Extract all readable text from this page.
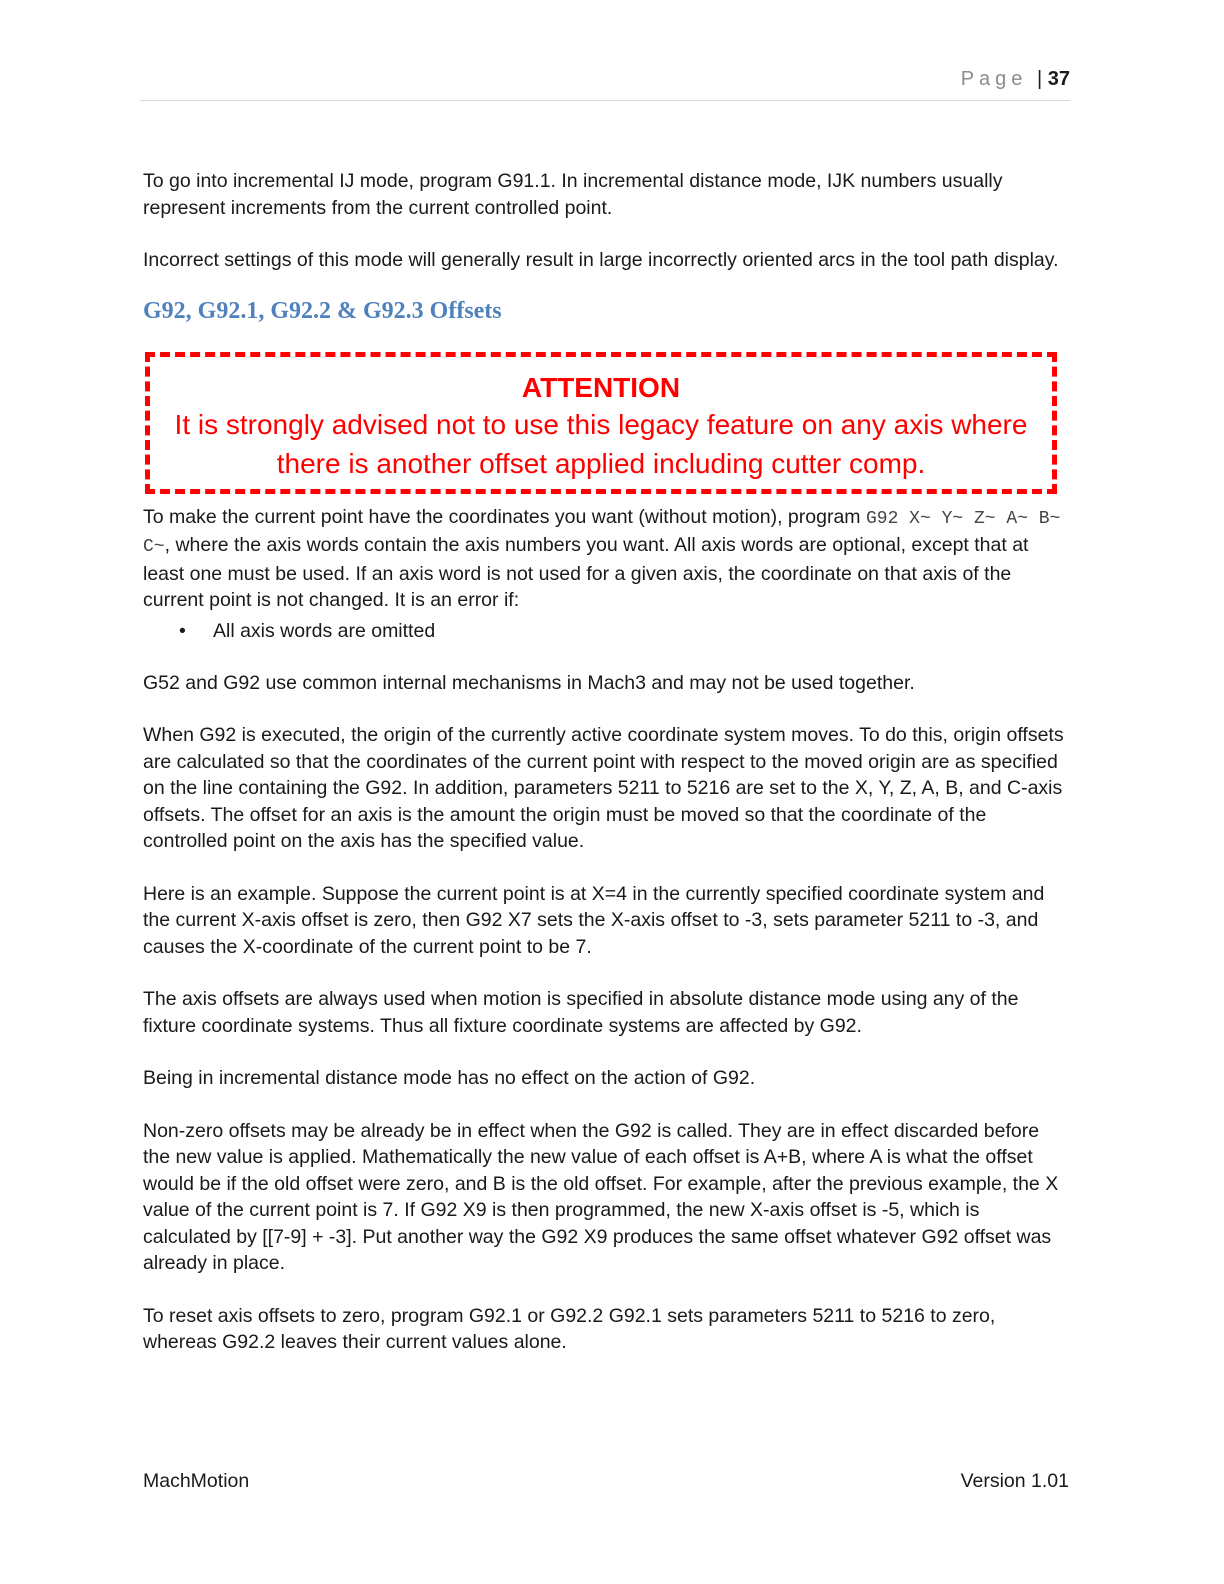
Page | 37

To go into incremental IJ mode, program G91.1. In incremental distance mode, IJK numbers usually represent increments from the current controlled point.

Incorrect settings of this mode will generally result in large incorrectly oriented arcs in the tool path display.

G92, G92.1, G92.2 & G92.3 Offsets
ATTENTION
It is strongly advised not to use this legacy feature on any axis where there is another offset applied including cutter comp.

To make the current point have the coordinates you want (without motion), program G92 X~ Y~ Z~ A~ B~ C~, where the axis words contain the axis numbers you want. All axis words are optional, except that at least one must be used. If an axis word is not used for a given axis, the coordinate on that axis of the current point is not changed. It is an error if:

• All axis words are omitted

G52 and G92 use common internal mechanisms in Mach3 and may not be used together.

When G92 is executed, the origin of the currently active coordinate system moves. To do this, origin offsets are calculated so that the coordinates of the current point with respect to the moved origin are as specified on the line containing the G92. In addition, parameters 5211 to 5216 are set to the X, Y, Z, A, B, and C-axis offsets. The offset for an axis is the amount the origin must be moved so that the coordinate of the controlled point on the axis has the specified value.

Here is an example. Suppose the current point is at X=4 in the currently specified coordinate system and the current X-axis offset is zero, then G92 X7 sets the X-axis offset to -3, sets parameter 5211 to -3, and causes the X-coordinate of the current point to be 7.

The axis offsets are always used when motion is specified in absolute distance mode using any of the fixture coordinate systems. Thus all fixture coordinate systems are affected by G92.

Being in incremental distance mode has no effect on the action of G92.

Non-zero offsets may be already be in effect when the G92 is called. They are in effect discarded before the new value is applied. Mathematically the new value of each offset is A+B, where A is what the offset would be if the old offset were zero, and B is the old offset. For example, after the previous example, the X value of the current point is 7. If G92 X9 is then programmed, the new X-axis offset is -5, which is calculated by [[7-9] + -3]. Put another way the G92 X9 produces the same offset whatever G92 offset was already in place.

To reset axis offsets to zero, program G92.1 or G92.2 G92.1 sets parameters 5211 to 5216 to zero, whereas G92.2 leaves their current values alone.

MachMotion	Version 1.01
